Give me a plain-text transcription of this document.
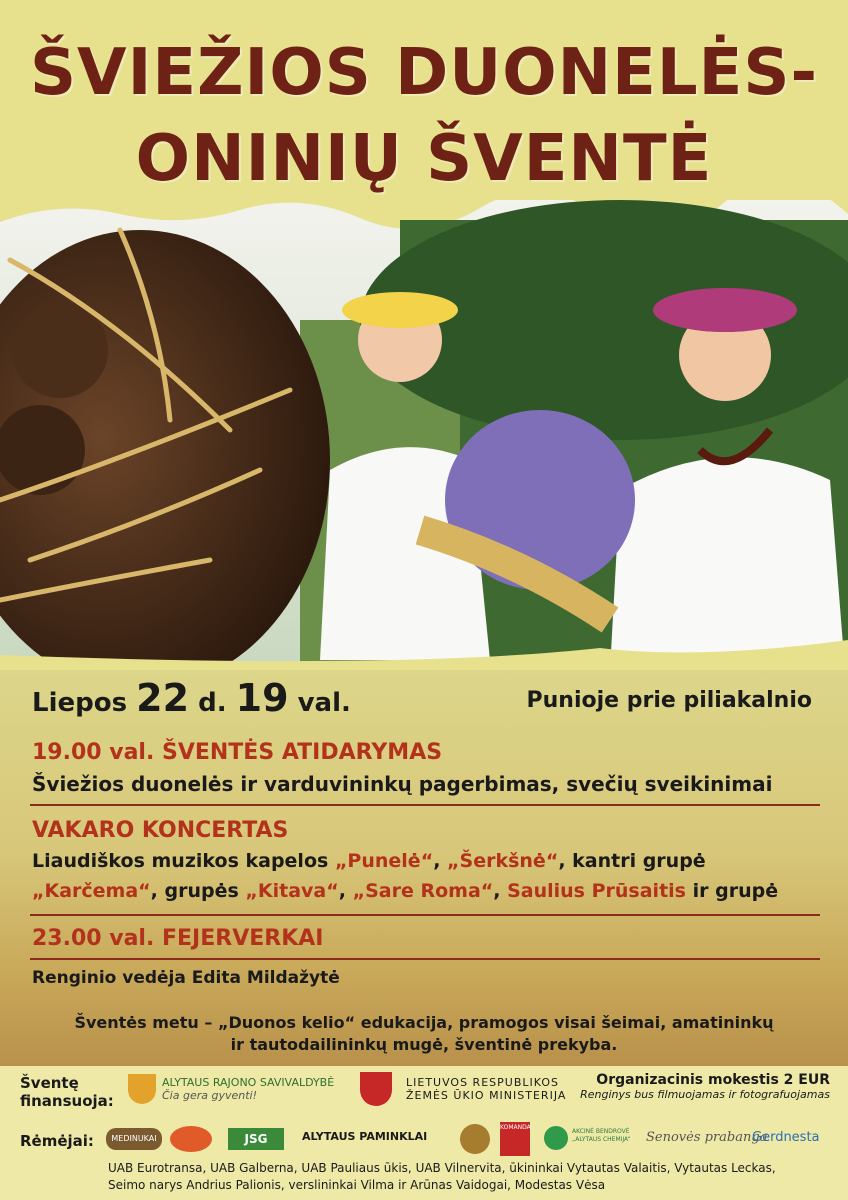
ŠVIEŽIOS DUONELĖS-
ONINIŲ ŠVENTĖ
Liepos 22 d. 19 val.	Punioje prie piliakalnio
19.00 val. ŠVENTĖS ATIDARYMAS
Šviežios duonelės ir varduvininkų pagerbimas, svečių sveikinimai
VAKARO KONCERTAS
Liaudiškos muzikos kapelos „Punelė“, „Šerkšnė“, kantri grupė
„Karčema“, grupės „Kitava“, „Sare Roma“, Saulius Prūsaitis ir grupė
23.00 val. FEJERVERKAI
Renginio vedėja Edita Mildažytė
Šventės metu – „Duonos kelio“ edukacija, pramogos visai šeimai, amatininkų
ir tautodailininkų mugė, šventinė prekyba.
Šventę
finansuoja:
ALYTAUS RAJONO SAVIVALDYBĖ
Čia gera gyventi!
LIETUVOS RESPUBLIKOS
ŽEMĖS ŪKIO MINISTERIJA
Organizacinis mokestis 2 EUR
Renginys bus filmuojamas ir fotografuojamas
Rėmėjai:	MEDINUKAI	JSG	ALYTAUS PAMINKLAI
KOMANDA
AKCINĖ BENDROVĖ „ALYTAUS CHEMIJA“	Senovės prabanga
Gerdnesta
UAB Eurotransa, UAB Galberna, UAB Pauliaus ūkis, UAB Vilnervita, ūkininkai Vytautas Valaitis, Vytautas Leckas,
Seimo narys Andrius Palionis, verslininkai Vilma ir Arūnas Vaidogai, Modestas Vėsa
